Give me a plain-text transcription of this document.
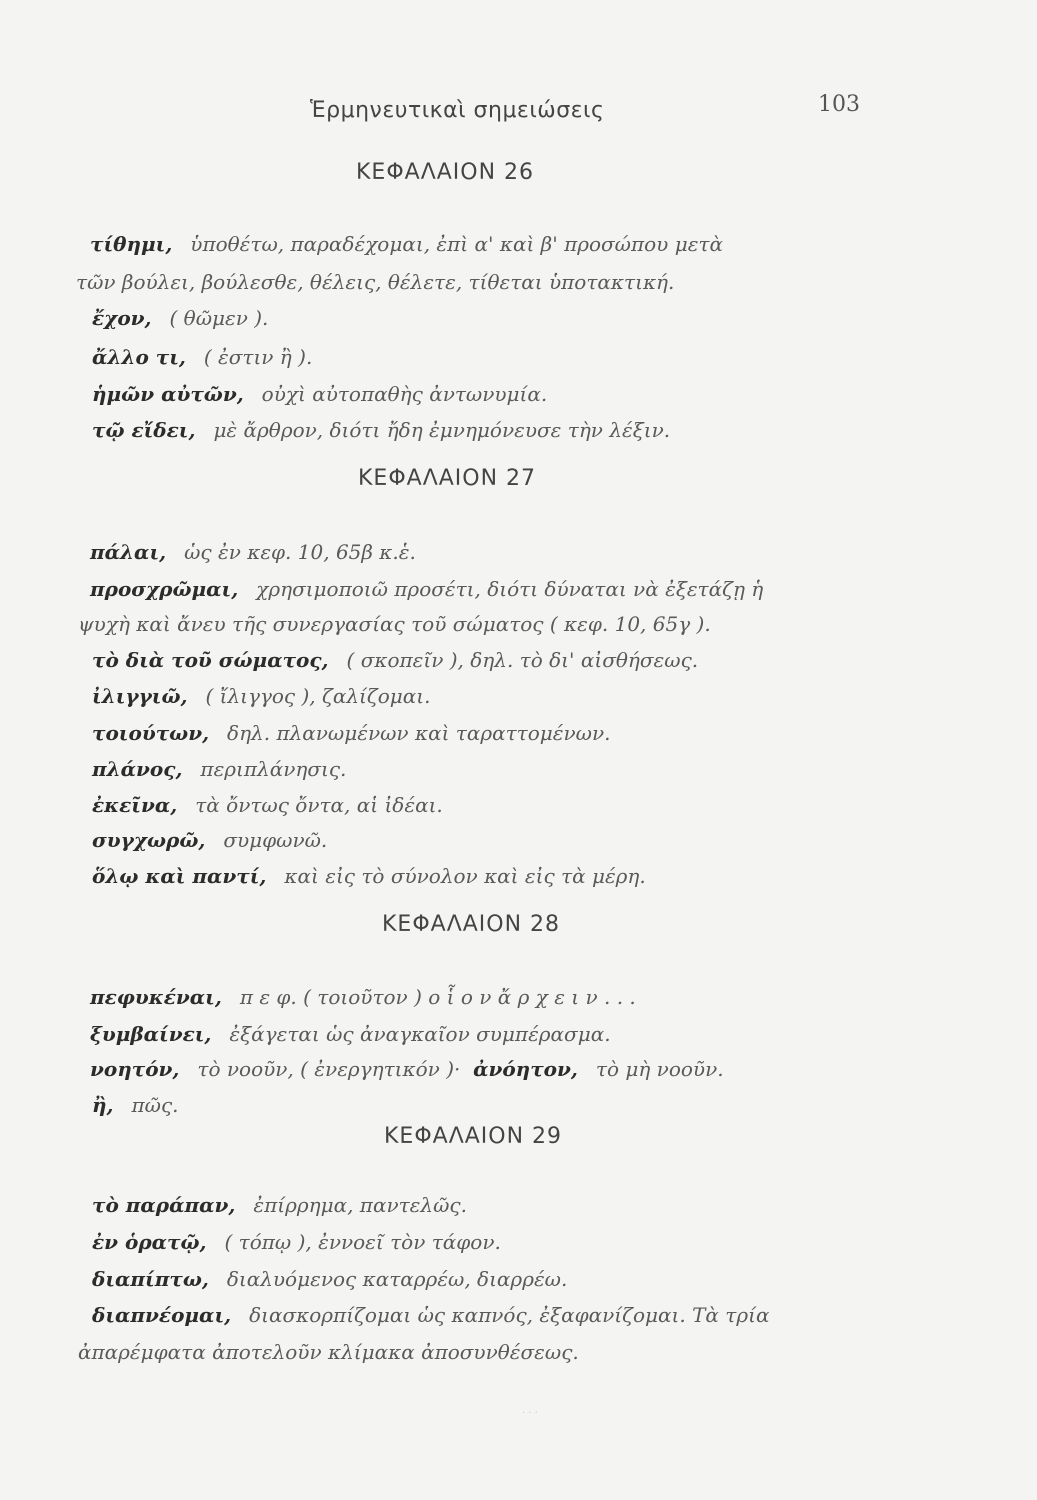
Ἑρμηνευτικαὶ σημειώσεις	103
ΚΕΦΑΛΑΙΟΝ 26
τίθημι, ὑποθέτω, παραδέχομαι, ἐπὶ α' καὶ β' προσώπου μετὰ
τῶν βούλει, βούλεσθε, θέλεις, θέλετε, τίθεται ὑποτακτική.
ἔχον, ( θῶμεν ).
ἄλλο τι, ( ἐστιν ἢ ).
ἡμῶν αὐτῶν, οὐχὶ αὐτοπαθὴς ἀντωνυμία.
τῷ εἴδει, μὲ ἄρθρον, διότι ἤδη ἐμνημόνευσε τὴν λέξιν.
ΚΕΦΑΛΑΙΟΝ 27
πάλαι, ὡς ἐν κεφ. 10, 65β κ.ἑ.
προσχρῶμαι, χρησιμοποιῶ προσέτι, διότι δύναται νὰ ἐξετάζῃ ἡ
ψυχὴ καὶ ἄνευ τῆς συνεργασίας τοῦ σώματος ( κεφ. 10, 65γ ).
τὸ διὰ τοῦ σώματος, ( σκοπεῖν ), δηλ. τὸ δι' αἰσθήσεως.
ἰλιγγιῶ, ( ἴλιγγος ), ζαλίζομαι.
τοιούτων, δηλ. πλανωμένων καὶ ταραττομένων.
πλάνος, περιπλάνησις.
ἐκεῖνα, τὰ ὄντως ὄντα, αἱ ἰδέαι.
συγχωρῶ, συμφωνῶ.
ὅλῳ καὶ παντί, καὶ εἰς τὸ σύνολον καὶ εἰς τὰ μέρη.
ΚΕΦΑΛΑΙΟΝ 28
πεφυκέναι, π ε φ. ( τοιοῦτον ) ο ἷ ο ν ἄ ρ χ ε ι ν . . .
ξυμβαίνει, ἐξάγεται ὡς ἀναγκαῖον συμπέρασμα.
νοητόν, τὸ νοοῦν, ( ἐνεργητικόν )· ἀνόητον, τὸ μὴ νοοῦν.
ἢ, πῶς.
ΚΕΦΑΛΑΙΟΝ 29
τὸ παράπαν, ἐπίρρημα, παντελῶς.
ἐν ὁρατῷ, ( τόπῳ ), ἐννοεῖ τὸν τάφον.
διαπίπτω, διαλυόμενος καταρρέω, διαρρέω.
διαπνέομαι, διασκορπίζομαι ὡς καπνός, ἐξαφανίζομαι. Τὰ τρία
ἀπαρέμφατα ἀποτελοῦν κλίμακα ἀποσυνθέσεως.
· · ·
